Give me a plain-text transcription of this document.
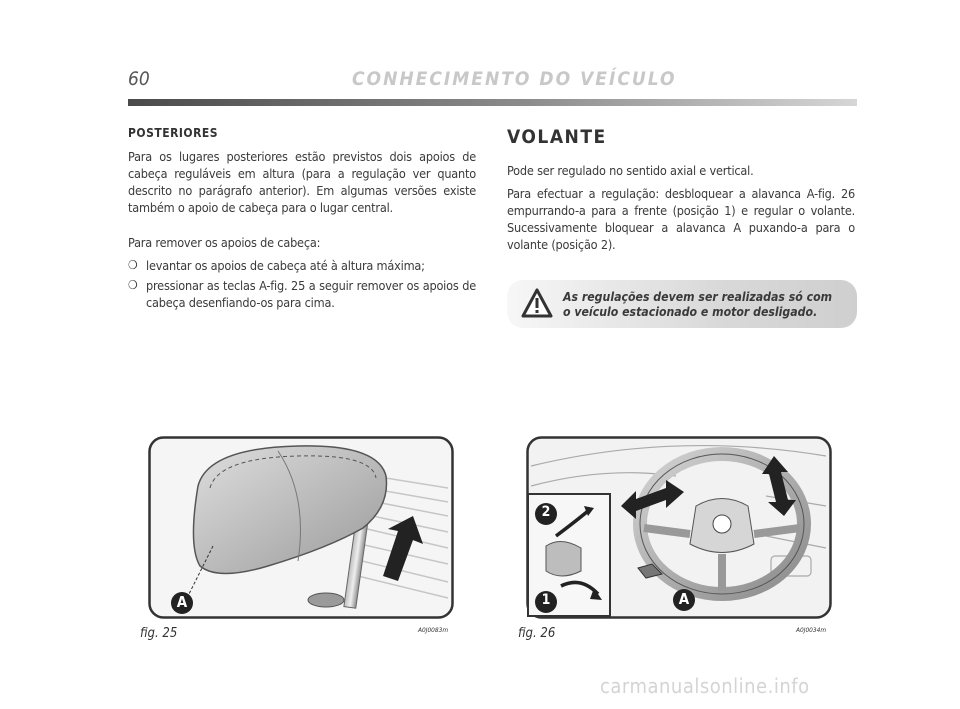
60	CONHECIMENTO DO VEÍCULO
POSTERIORES

Para os lugares posteriores estão previstos dois apoios de cabeça reguláveis em altura (para a regulação ver quanto descrito no parágrafo anterior). Em algumas versões existe também o apoio de cabeça para o lugar central.

Para remover os apoios de cabeça:

❍ levantar os apoios de cabeça até à altura máxima;
❍ pressionar as teclas A-fig. 25 a seguir remover os apoios de cabeça desenfiando-os para cima.
VOLANTE

Pode ser regulado no sentido axial e vertical.

Para efectuar a regulação: desbloquear a alavanca A-fig. 26 empurrando-a para a frente (posição 1) e regular o volante. Sucessivamente bloquear a alavanca A puxando-a para o volante (posição 2).

As regulações devem ser realizadas só com o veículo estacionado e motor desligado.
A
2
1	A
fig. 25	A0J0083m	fig. 26	A0J0034m
carmanualsonline.info
